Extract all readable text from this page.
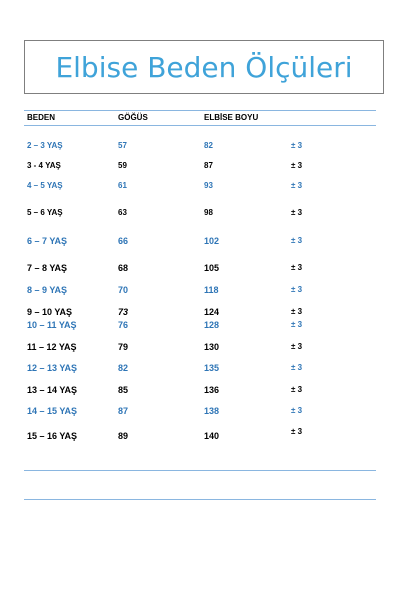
Elbise Beden Ölçüleri
BEDEN	GÖĞÜS	ELBİSE BOYU
2 – 3 YAŞ	57	82	± 3
3 - 4 YAŞ	59	87	± 3
4 – 5 YAŞ	61	93	± 3
5 – 6 YAŞ	63	98	± 3
6 – 7 YAŞ	66	102	± 3
7 – 8 YAŞ	68	105	± 3
8 – 9 YAŞ	70	118	± 3
9 – 10 YAŞ	73	124	± 3
10 – 11 YAŞ	76	128	± 3
11 – 12 YAŞ	79	130	± 3
12 – 13 YAŞ	82	135	± 3
13 – 14 YAŞ	85	136	± 3
14 – 15 YAŞ	87	138	± 3
15 – 16 YAŞ	89	140	± 3
